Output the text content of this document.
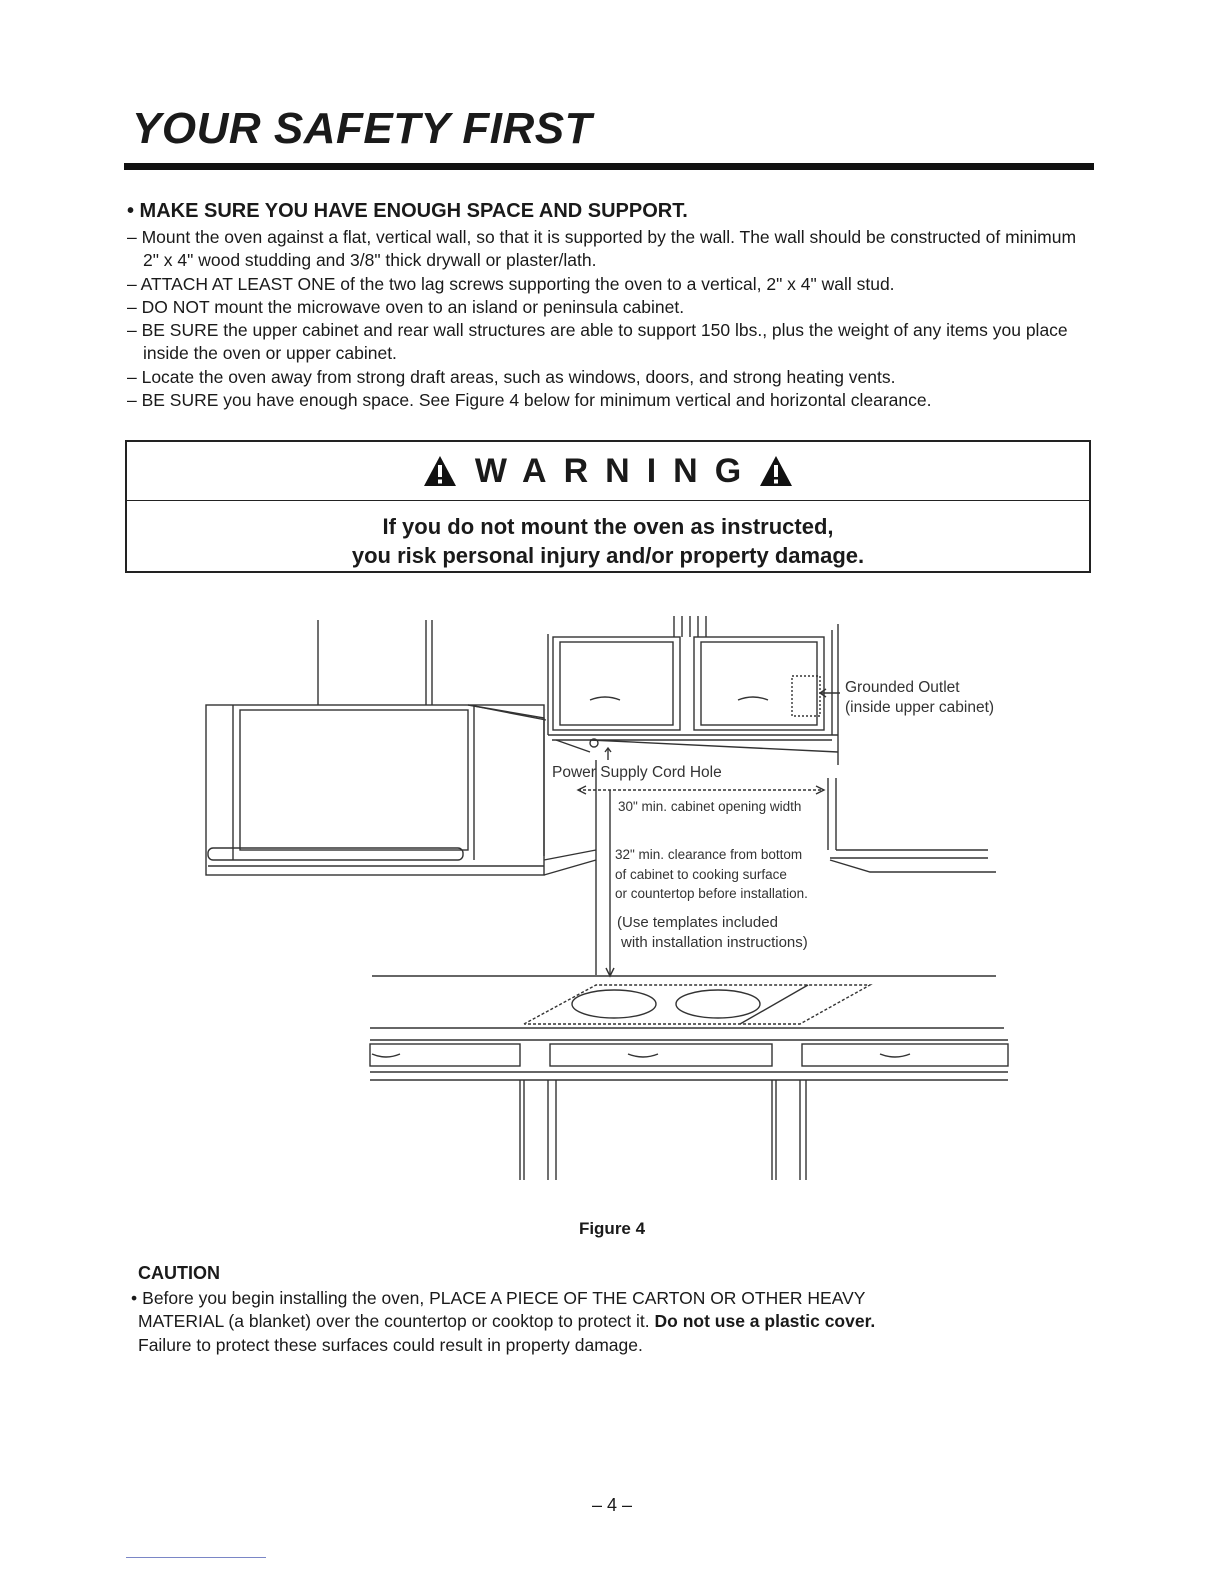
YOUR SAFETY FIRST
• MAKE SURE YOU HAVE ENOUGH SPACE AND SUPPORT.
– Mount the oven against a flat, vertical wall, so that it is supported by the wall. The wall should be constructed of minimum 2" x 4" wood studding and 3/8" thick drywall or plaster/lath.
– ATTACH AT LEAST ONE of the two lag screws supporting the oven to a vertical, 2" x 4" wall stud.
– DO NOT mount the microwave oven to an island or peninsula cabinet.
– BE SURE the upper cabinet and rear wall structures are able to support 150 lbs., plus the weight of any items you place inside the oven or upper cabinet.
– Locate the oven away from strong draft areas, such as windows, doors, and strong heating vents.
– BE SURE you have enough space. See Figure 4 below for minimum vertical and horizontal clearance.
WARNING
If you do not mount the oven as instructed,
you risk personal injury and/or property damage.
Grounded Outlet
(inside upper cabinet)
Power Supply Cord Hole
30" min. cabinet opening width
32" min. clearance from bottom
of cabinet to cooking surface
or countertop before installation.
(Use templates included
with installation instructions)
Figure 4
CAUTION
• Before you begin installing the oven, PLACE A PIECE OF THE CARTON OR OTHER HEAVY
MATERIAL (a blanket) over the countertop or cooktop to protect it. Do not use a plastic cover.
Failure to protect these surfaces could result in property damage.
– 4 –
